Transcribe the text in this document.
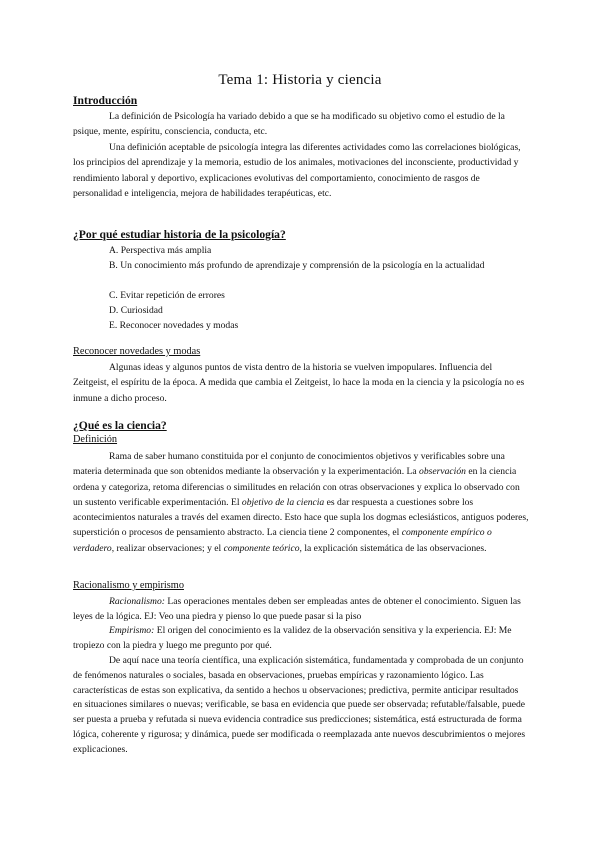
Tema 1: Historia y ciencia
Introducción

La definición de Psicología ha variado debido a que se ha modificado su objetivo como el estudio de la psique, mente, espíritu, consciencia, conducta, etc.

Una definición aceptable de psicología integra las diferentes actividades como las correlaciones biológicas, los principios del aprendizaje y la memoria, estudio de los animales, motivaciones del inconsciente, productividad y rendimiento laboral y deportivo, explicaciones evolutivas del comportamiento, conocimiento de rasgos de personalidad e inteligencia, mejora de habilidades terapéuticas, etc.

¿Por qué estudiar historia de la psicología?
A. Perspectiva más amplia
B. Un conocimiento más profundo de aprendizaje y comprensión de la psicología en la actualidad
C. Evitar repetición de errores
D. Curiosidad
E. Reconocer novedades y modas
Reconocer novedades y modas

Algunas ideas y algunos puntos de vista dentro de la historia se vuelven impopulares. Influencia del Zeitgeist, el espíritu de la época. A medida que cambia el Zeitgeist, lo hace la moda en la ciencia y la psicología no es inmune a dicho proceso.

¿Qué es la ciencia?
Definición

Rama de saber humano constituida por el conjunto de conocimientos objetivos y verificables sobre una materia determinada que son obtenidos mediante la observación y la experimentación. La observación en la ciencia ordena y categoriza, retoma diferencias o similitudes en relación con otras observaciones y explica lo observado con un sustento verificable experimentación. El objetivo de la ciencia es dar respuesta a cuestiones sobre los acontecimientos naturales a través del examen directo. Esto hace que supla los dogmas eclesiásticos, antiguos poderes, superstición o procesos de pensamiento abstracto. La ciencia tiene 2 componentes, el componente empírico o verdadero, realizar observaciones; y el componente teórico, la explicación sistemática de las observaciones.

Racionalismo y empirismo

Racionalismo: Las operaciones mentales deben ser empleadas antes de obtener el conocimiento. Siguen las leyes de la lógica. EJ: Veo una piedra y pienso lo que puede pasar si la piso

Empirismo: El origen del conocimiento es la validez de la observación sensitiva y la experiencia. EJ: Me tropiezo con la piedra y luego me pregunto por qué.

De aquí nace una teoría científica, una explicación sistemática, fundamentada y comprobada de un conjunto de fenómenos naturales o sociales, basada en observaciones, pruebas empíricas y razonamiento lógico. Las características de estas son explicativa, da sentido a hechos u observaciones; predictiva, permite anticipar resultados en situaciones similares o nuevas; verificable, se basa en evidencia que puede ser observada; refutable/falsable, puede ser puesta a prueba y refutada si nueva evidencia contradice sus predicciones; sistemática, está estructurada de forma lógica, coherente y rigurosa; y dinámica, puede ser modificada o reemplazada ante nuevos descubrimientos o mejores explicaciones.
